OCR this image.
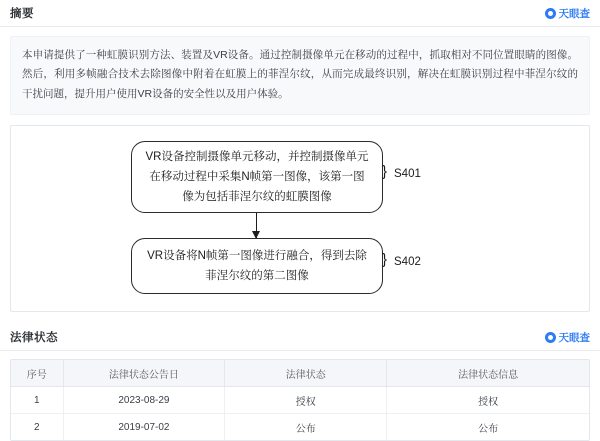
摘要	天眼查
本申请提供了一种虹膜识别方法、装置及VR设备。通过控制摄像单元在移动的过程中，抓取相对不同位置眼睛的图像。然后，利用多帧融合技术去除图像中附着在虹膜上的菲涅尔纹，从而完成最终识别，解决在虹膜识别过程中菲涅尔纹的干扰问题，提升用户使用VR设备的安全性以及用户体验。
VR设备控制摄像单元移动，并控制摄像单元在移动过程中采集N帧第一图像，该第一图像为包括菲涅尔纹的虹膜图像
} S401
VR设备将N帧第一图像进行融合，得到去除菲涅尔纹的第二图像
} S402
法律状态	天眼查
序号	法律状态公告日	法律状态	法律状态信息
1	2023-08-29	授权	授权
2	2019-07-02	公布	公布
